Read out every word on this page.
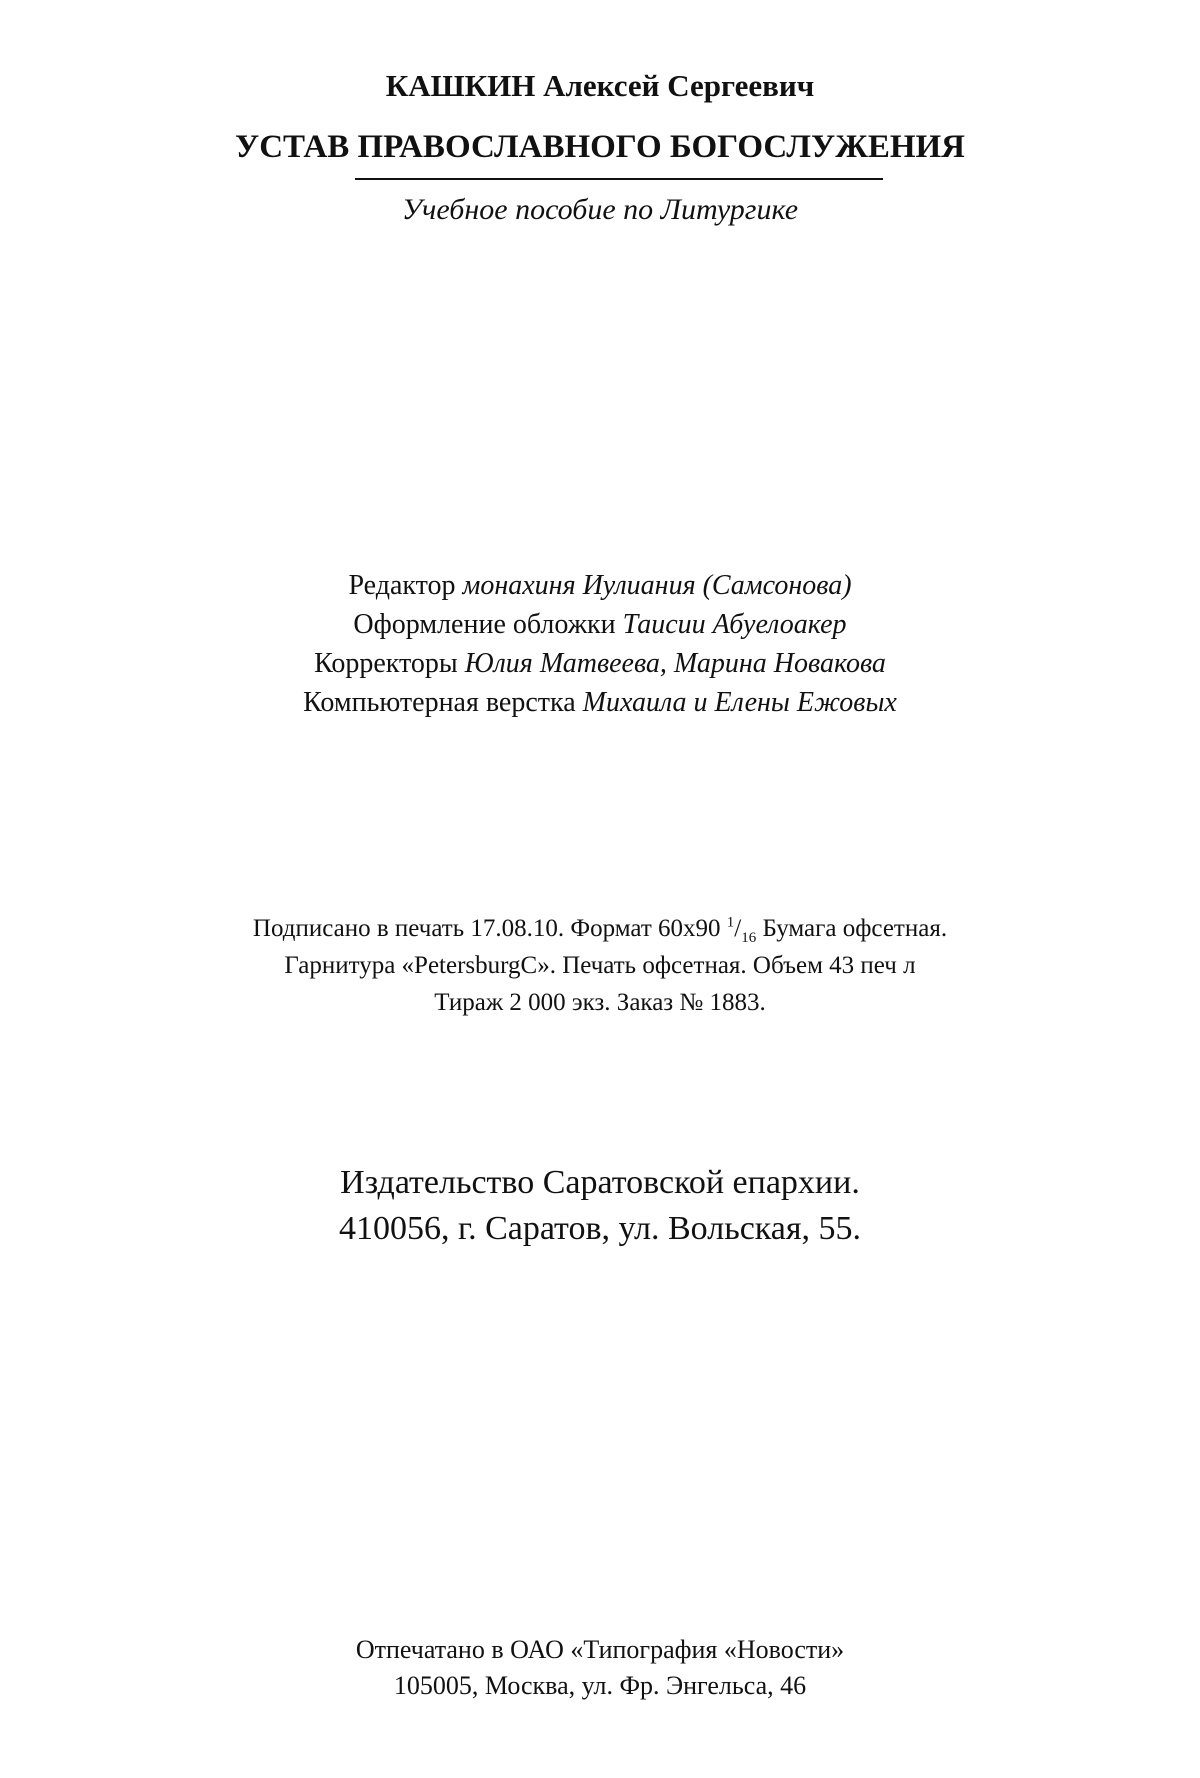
КАШКИН Алексей Сергеевич
УСТАВ ПРАВОСЛАВНОГО БОГОСЛУЖЕНИЯ
Учебное пособие по Литургике
Редактор монахиня Иулиания (Самсонова)
Оформление обложки Таисии Абуелоакер
Корректоры Юлия Матвеева, Марина Новакова
Компьютерная верстка Михаила и Елены Ежовых
Подписано в печать 17.08.10. Формат 60х90 $^1/_{16}$ Бумага офсетная.
Гарнитура «PetersburgC». Печать офсетная. Объем 43 печ л
Тираж 2 000 экз. Заказ № 1883.
Издательство Саратовской епархии.
410056, г. Саратов, ул. Вольская, 55.
Отпечатано в ОАО «Типография «Новости»
105005, Москва, ул. Фр. Энгельса, 46
